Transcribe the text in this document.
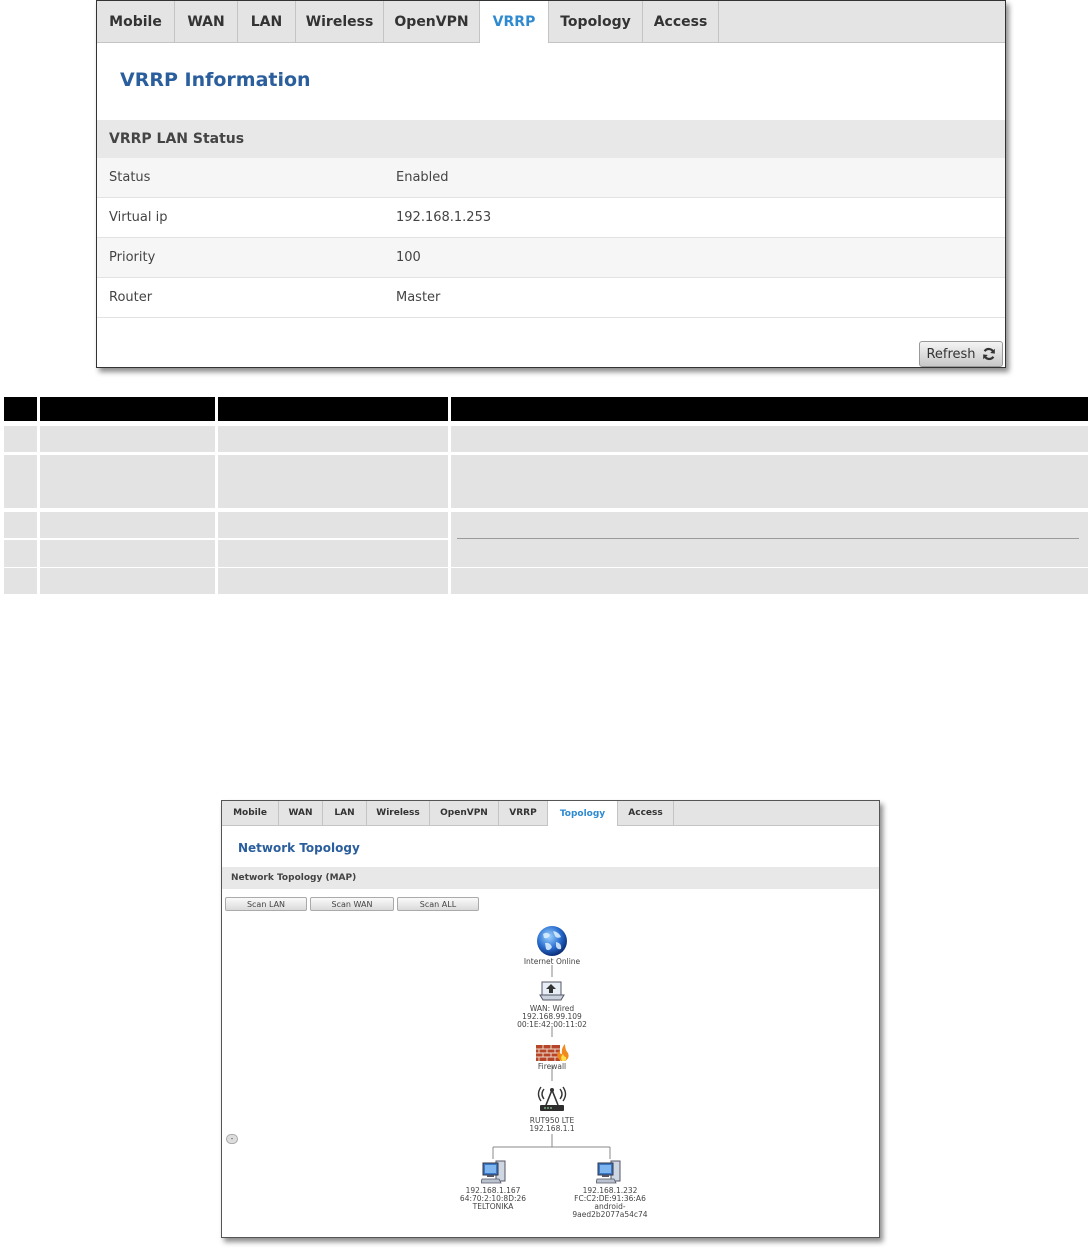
Mobile	WAN	LAN	Wireless	OpenVPN	VRRP	Topology	Access
VRRP Information
VRRP LAN Status
Status	Enabled
Virtual ip	192.168.1.253
Priority	100
Router	Master
Refresh
Mobile	WAN	LAN	Wireless	OpenVPN	VRRP	Topology	Access
Network Topology
Network Topology (MAP)
Scan LAN	Scan WAN	Scan ALL
Internet Online
WAN: Wired
192.168.99.109
00:1E:42:00:11:02
Firewall
RUT950 LTE
192.168.1.1
192.168.1.167
64:70:2:10:8D:26
TELTONIKA
192.168.1.232
FC:C2:DE:91:36:A6
android-
9aed2b2077a54c74
-
